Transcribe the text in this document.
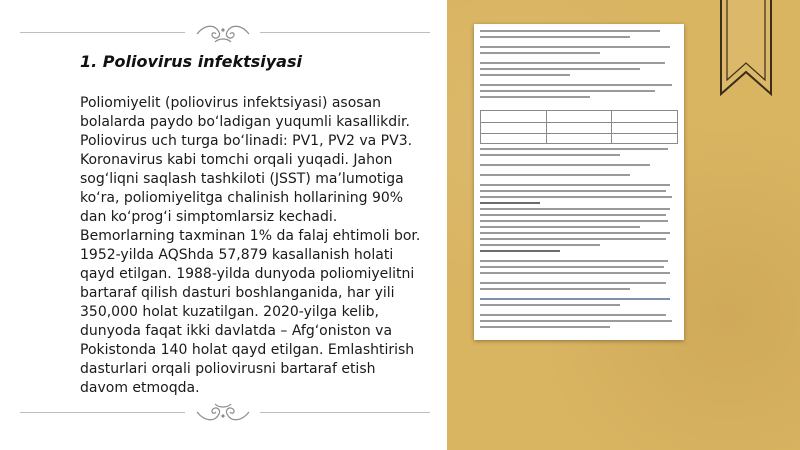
1. Poliovirus infektsiyasi

Poliomiyelit (poliovirus infektsiyasi) asosan bolalarda paydo bo‘ladigan yuqumli kasallikdir. Poliovirus uch turga bo‘linadi: PV1, PV2 va PV3. Koronavirus kabi tomchi orqali yuqadi. Jahon sog‘liqni saqlash tashkiloti (JSST) ma’lumotiga ko‘ra, poliomiyelitga chalinish hollarining 90% dan ko‘prog‘i simptomlarsiz kechadi. Bemorlarning taxminan 1% da falaj ehtimoli bor. 1952-yilda AQShda 57,879 kasallanish holati qayd etilgan. 1988-yilda dunyoda poliomiyelitni bartaraf qilish dasturi boshlanganida, har yili 350,000 holat kuzatilgan. 2020-yilga kelib, dunyoda faqat ikki davlatda – Afg‘oniston va Pokistonda 140 holat qayd etilgan. Emlashtirish dasturlari orqali poliovirusni bartaraf etish davom etmoqda.
